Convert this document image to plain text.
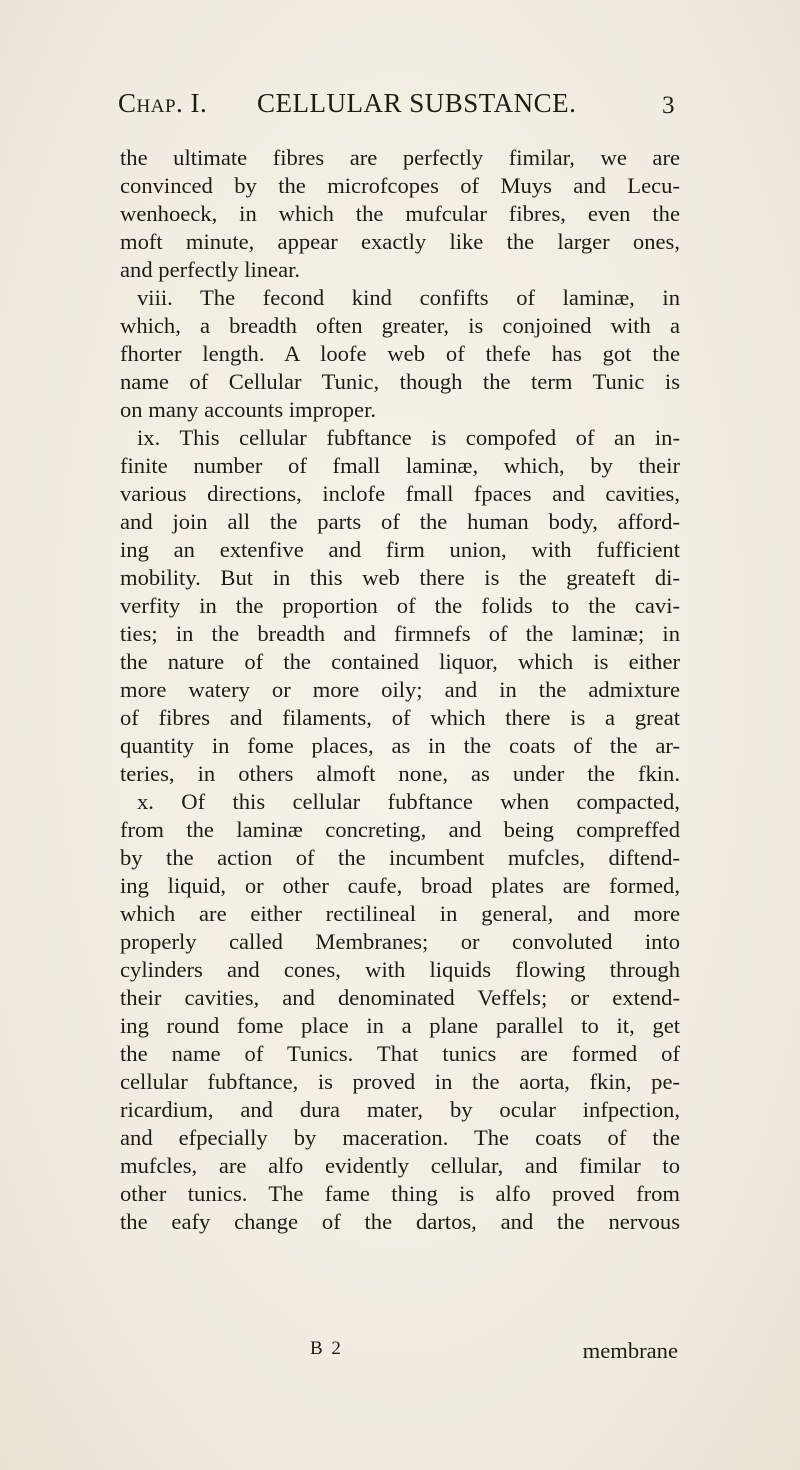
Chap. I. CELLULAR SUBSTANCE.	3
the ultimate fibres are perfectly fimilar, we are
convinced by the microfcopes of Muys and Lecu-
wenhoeck, in which the mufcular fibres, even the
moft minute, appear exactly like the larger ones,
and perfectly linear.
viii. The fecond kind confifts of laminæ, in
which, a breadth often greater, is conjoined with a
fhorter length. A loofe web of thefe has got the
name of Cellular Tunic, though the term Tunic is
on many accounts improper.
ix. This cellular fubftance is compofed of an in-
finite number of fmall laminæ, which, by their
various directions, inclofe fmall fpaces and cavities,
and join all the parts of the human body, afford-
ing an extenfive and firm union, with fufficient
mobility. But in this web there is the greateft di-
verfity in the proportion of the folids to the cavi-
ties; in the breadth and firmnefs of the laminæ; in
the nature of the contained liquor, which is either
more watery or more oily; and in the admixture
of fibres and filaments, of which there is a great
quantity in fome places, as in the coats of the ar-
teries, in others almoft none, as under the fkin.
x. Of this cellular fubftance when compacted,
from the laminæ concreting, and being compreffed
by the action of the incumbent mufcles, diftend-
ing liquid, or other caufe, broad plates are formed,
which are either rectilineal in general, and more
properly called Membranes; or convoluted into
cylinders and cones, with liquids flowing through
their cavities, and denominated Veffels; or extend-
ing round fome place in a plane parallel to it, get
the name of Tunics. That tunics are formed of
cellular fubftance, is proved in the aorta, fkin, pe-
ricardium, and dura mater, by ocular infpection,
and efpecially by maceration. The coats of the
mufcles, are alfo evidently cellular, and fimilar to
other tunics. The fame thing is alfo proved from
the eafy change of the dartos, and the nervous
B 2	membrane
